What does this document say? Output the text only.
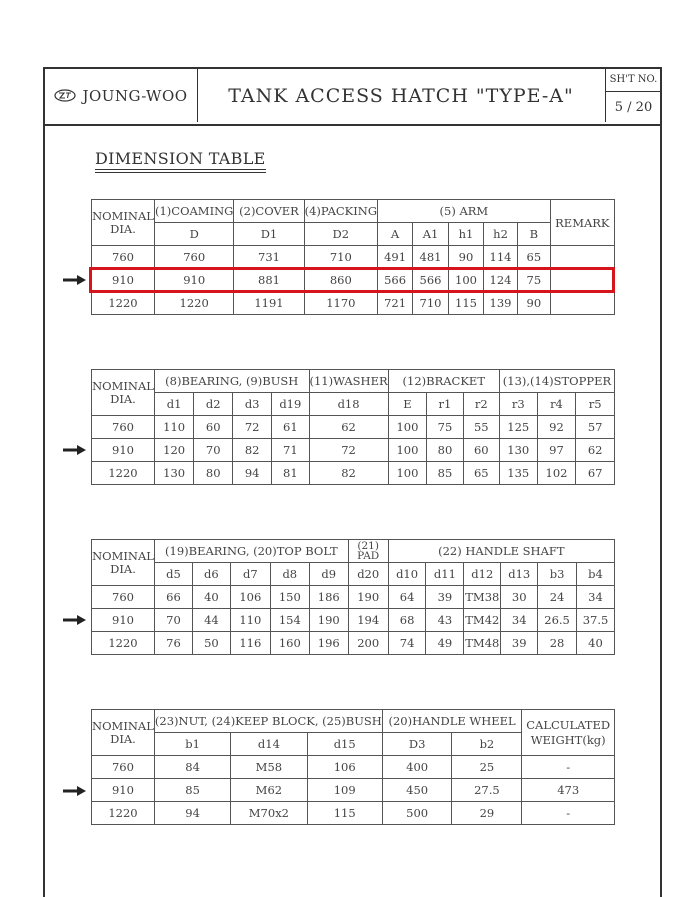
JOUNG-WOO	TANK ACCESS HATCH "TYPE-A"
SH'T NO.
5 / 20
DIMENSION TABLE
NOMINAL DIA.	(1)COAMING	(2)COVER	(4)PACKING	(5) ARM					REMARK
	D	D1	D2	A	A1	h1	h2	B	
760	760	731	710	491	481	90	114	65	
910	910	881	860	566	566	100	124	75	
1220	1220	1191	1170	721	710	115	139	90	
NOMINAL DIA.	(8)BEARING, (9)BUSH				(11)WASHER	(12)BRACKET			(13),(14)STOPPER		
	d1	d2	d3	d19	d18	E	r1	r2	r3	r4	r5
760	110	60	72	61	62	100	75	55	125	92	57
910	120	70	82	71	72	100	80	60	130	97	62
1220	130	80	94	81	82	100	85	65	135	102	67
NOMINAL DIA.	(19)BEARING, (20)TOP BOLT					(21) PAD	(22) HANDLE SHAFT					
	d5	d6	d7	d8	d9	d20	d10	d11	d12	d13	b3	b4
760	66	40	106	150	186	190	64	39	TM38	30	24	34
910	70	44	110	154	190	194	68	43	TM42	34	26.5	37.5
1220	76	50	116	160	196	200	74	49	TM48	39	28	40
NOMINAL DIA.	(23)NUT, (24)KEEP BLOCK, (25)BUSH			(20)HANDLE WHEEL		CALCULATED WEIGHT(kg)
	b1	d14	d15	D3	b2	
760	84	M58	106	400	25	-
910	85	M62	109	450	27.5	473
1220	94	M70x2	115	500	29	-
